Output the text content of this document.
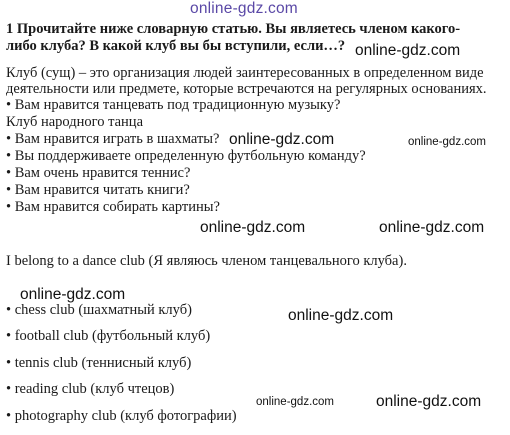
online-gdz.com
1 Прочитайте ниже словарную статью. Вы являетесь членом какого-
либо клуба? В какой клуб вы бы вступили, если…?
Клуб (сущ) – это организация людей заинтересованных в определенном виде
деятельности или предмете, которые встречаются на регулярных основаниях.
• Вам нравится танцевать под традиционную музыку?
Клуб народного танца
• Вам нравится играть в шахматы?
• Вы поддерживаете определенную футбольную команду?
• Вам очень нравится теннис?
• Вам нравится читать книги?
• Вам нравится собирать картины?
I belong to a dance club (Я являюсь членом танцевального клуба).
• chess club (шахматный клуб)
• football club (футбольный клуб)
• tennis club (теннисный клуб)
• reading club (клуб чтецов)
• photography club (клуб фотографии)
online-gdz.com
online-gdz.com	online-gdz.com
online-gdz.com	online-gdz.com
online-gdz.com
online-gdz.com
online-gdz.com	online-gdz.com
